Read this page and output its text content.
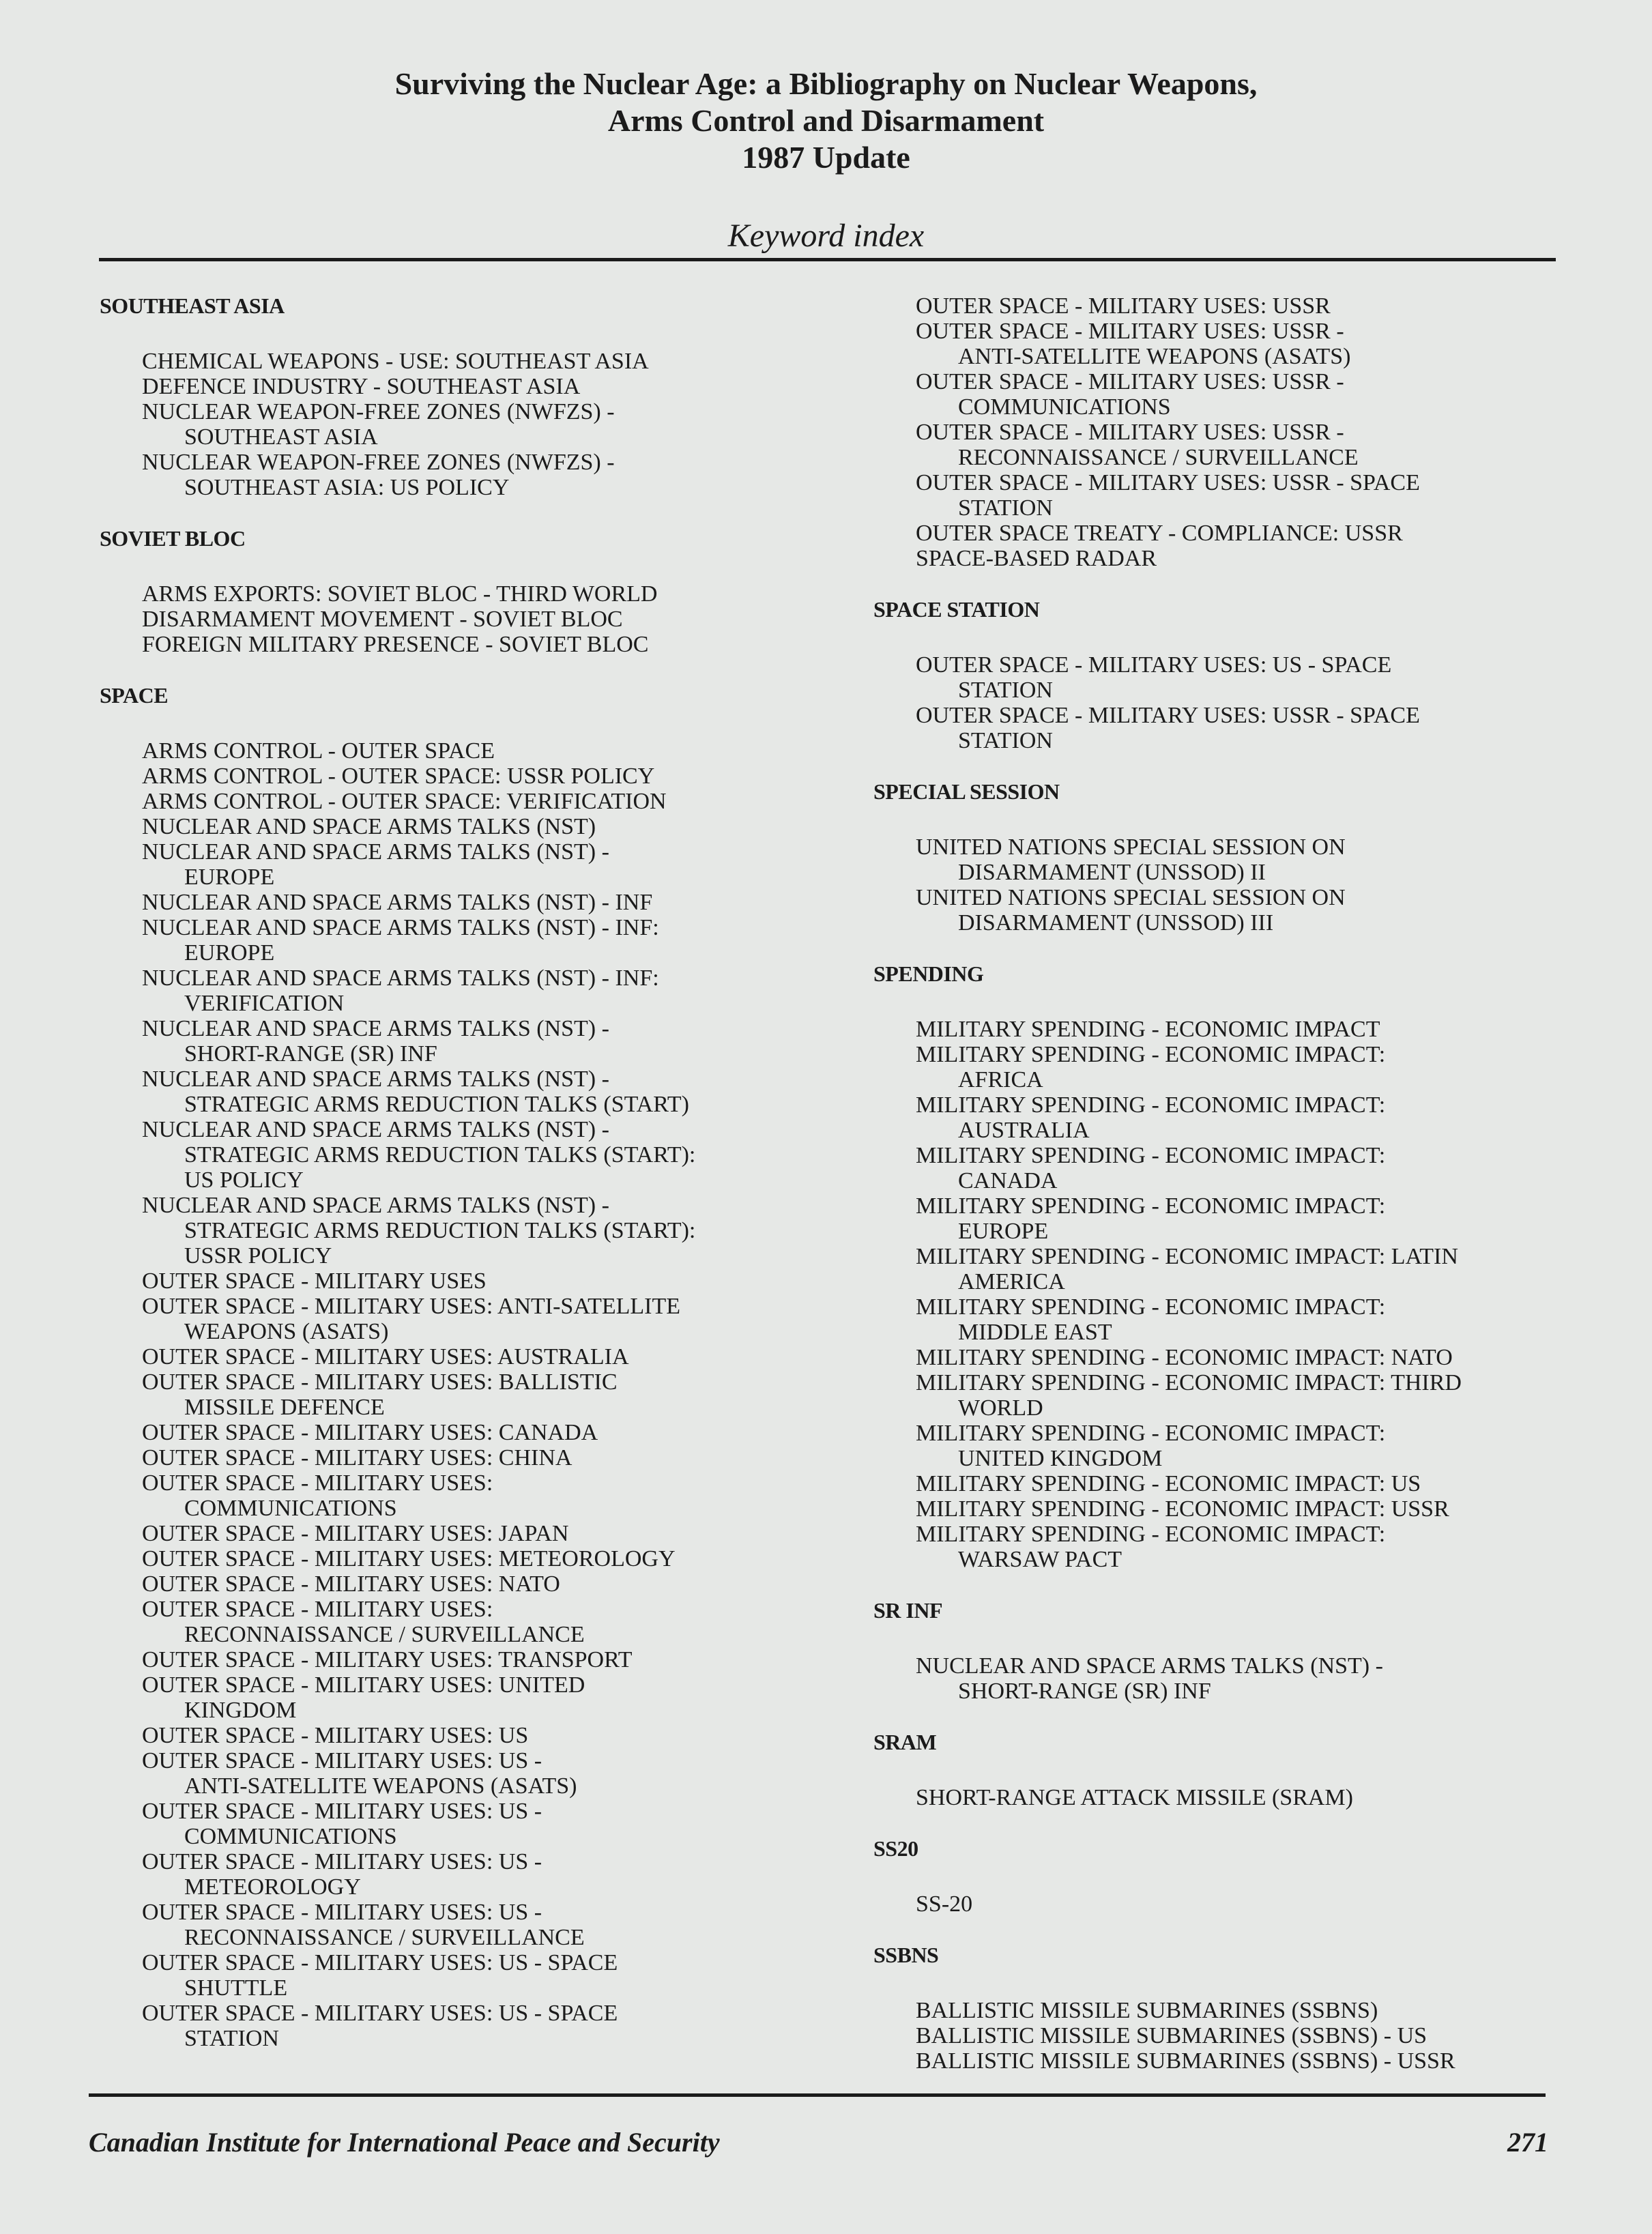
Surviving the Nuclear Age: a Bibliography on Nuclear Weapons,
Arms Control and Disarmament
1987 Update
Keyword index
SOUTHEAST ASIA
CHEMICAL WEAPONS - USE: SOUTHEAST ASIA
DEFENCE INDUSTRY - SOUTHEAST ASIA
NUCLEAR WEAPON-FREE ZONES (NWFZS) -
SOUTHEAST ASIA
NUCLEAR WEAPON-FREE ZONES (NWFZS) -
SOUTHEAST ASIA: US POLICY
SOVIET BLOC
ARMS EXPORTS: SOVIET BLOC - THIRD WORLD
DISARMAMENT MOVEMENT - SOVIET BLOC
FOREIGN MILITARY PRESENCE - SOVIET BLOC
SPACE
ARMS CONTROL - OUTER SPACE
ARMS CONTROL - OUTER SPACE: USSR POLICY
ARMS CONTROL - OUTER SPACE: VERIFICATION
NUCLEAR AND SPACE ARMS TALKS (NST)
NUCLEAR AND SPACE ARMS TALKS (NST) -
EUROPE
NUCLEAR AND SPACE ARMS TALKS (NST) - INF
NUCLEAR AND SPACE ARMS TALKS (NST) - INF:
EUROPE
NUCLEAR AND SPACE ARMS TALKS (NST) - INF:
VERIFICATION
NUCLEAR AND SPACE ARMS TALKS (NST) -
SHORT-RANGE (SR) INF
NUCLEAR AND SPACE ARMS TALKS (NST) -
STRATEGIC ARMS REDUCTION TALKS (START)
NUCLEAR AND SPACE ARMS TALKS (NST) -
STRATEGIC ARMS REDUCTION TALKS (START):
US POLICY
NUCLEAR AND SPACE ARMS TALKS (NST) -
STRATEGIC ARMS REDUCTION TALKS (START):
USSR POLICY
OUTER SPACE - MILITARY USES
OUTER SPACE - MILITARY USES: ANTI-SATELLITE
WEAPONS (ASATS)
OUTER SPACE - MILITARY USES: AUSTRALIA
OUTER SPACE - MILITARY USES: BALLISTIC
MISSILE DEFENCE
OUTER SPACE - MILITARY USES: CANADA
OUTER SPACE - MILITARY USES: CHINA
OUTER SPACE - MILITARY USES:
COMMUNICATIONS
OUTER SPACE - MILITARY USES: JAPAN
OUTER SPACE - MILITARY USES: METEOROLOGY
OUTER SPACE - MILITARY USES: NATO
OUTER SPACE - MILITARY USES:
RECONNAISSANCE / SURVEILLANCE
OUTER SPACE - MILITARY USES: TRANSPORT
OUTER SPACE - MILITARY USES: UNITED
KINGDOM
OUTER SPACE - MILITARY USES: US
OUTER SPACE - MILITARY USES: US -
ANTI-SATELLITE WEAPONS (ASATS)
OUTER SPACE - MILITARY USES: US -
COMMUNICATIONS
OUTER SPACE - MILITARY USES: US -
METEOROLOGY
OUTER SPACE - MILITARY USES: US -
RECONNAISSANCE / SURVEILLANCE
OUTER SPACE - MILITARY USES: US - SPACE
SHUTTLE
OUTER SPACE - MILITARY USES: US - SPACE
STATION
OUTER SPACE - MILITARY USES: USSR
OUTER SPACE - MILITARY USES: USSR -
ANTI-SATELLITE WEAPONS (ASATS)
OUTER SPACE - MILITARY USES: USSR -
COMMUNICATIONS
OUTER SPACE - MILITARY USES: USSR -
RECONNAISSANCE / SURVEILLANCE
OUTER SPACE - MILITARY USES: USSR - SPACE
STATION
OUTER SPACE TREATY - COMPLIANCE: USSR
SPACE-BASED RADAR
SPACE STATION
OUTER SPACE - MILITARY USES: US - SPACE
STATION
OUTER SPACE - MILITARY USES: USSR - SPACE
STATION
SPECIAL SESSION
UNITED NATIONS SPECIAL SESSION ON
DISARMAMENT (UNSSOD) II
UNITED NATIONS SPECIAL SESSION ON
DISARMAMENT (UNSSOD) III
SPENDING
MILITARY SPENDING - ECONOMIC IMPACT
MILITARY SPENDING - ECONOMIC IMPACT:
AFRICA
MILITARY SPENDING - ECONOMIC IMPACT:
AUSTRALIA
MILITARY SPENDING - ECONOMIC IMPACT:
CANADA
MILITARY SPENDING - ECONOMIC IMPACT:
EUROPE
MILITARY SPENDING - ECONOMIC IMPACT: LATIN
AMERICA
MILITARY SPENDING - ECONOMIC IMPACT:
MIDDLE EAST
MILITARY SPENDING - ECONOMIC IMPACT: NATO
MILITARY SPENDING - ECONOMIC IMPACT: THIRD
WORLD
MILITARY SPENDING - ECONOMIC IMPACT:
UNITED KINGDOM
MILITARY SPENDING - ECONOMIC IMPACT: US
MILITARY SPENDING - ECONOMIC IMPACT: USSR
MILITARY SPENDING - ECONOMIC IMPACT:
WARSAW PACT
SR INF
NUCLEAR AND SPACE ARMS TALKS (NST) -
SHORT-RANGE (SR) INF
SRAM
SHORT-RANGE ATTACK MISSILE (SRAM)
SS20
SS-20
SSBNS
BALLISTIC MISSILE SUBMARINES (SSBNS)
BALLISTIC MISSILE SUBMARINES (SSBNS) - US
BALLISTIC MISSILE SUBMARINES (SSBNS) - USSR
Canadian Institute for International Peace and Security	271
